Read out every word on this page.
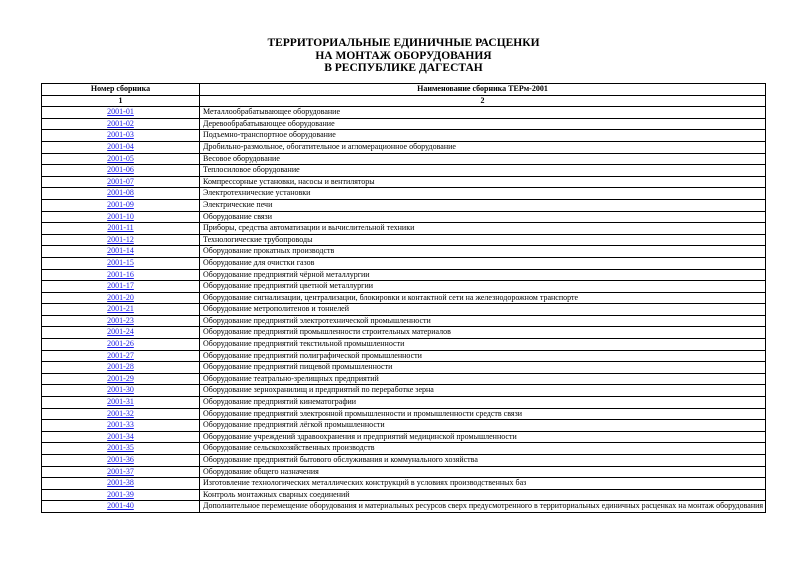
ТЕРРИТОРИАЛЬНЫЕ ЕДИНИЧНЫЕ РАСЦЕНКИ
НА МОНТАЖ ОБОРУДОВАНИЯ
В РЕСПУБЛИКЕ ДАГЕСТАН
Номер сборника	Наименование сборника ТЕРм-2001
1	2
2001-01	Металлообрабатывающее оборудование
2001-02	Деревообрабатывающее оборудование
2001-03	Подъемно-транспортное оборудование
2001-04	Дробильно-размольное, обогатительное и агломерационное оборудование
2001-05	Весовое оборудование
2001-06	Теплосиловое оборудование
2001-07	Компрессорные установки, насосы и вентиляторы
2001-08	Электротехнические установки
2001-09	Электрические печи
2001-10	Оборудование связи
2001-11	Приборы, средства автоматизации и вычислительной техники
2001-12	Технологические трубопроводы
2001-14	Оборудование прокатных производств
2001-15	Оборудование для очистки газов
2001-16	Оборудование предприятий чёрной металлургии
2001-17	Оборудование предприятий цветной металлургии
2001-20	Оборудование сигнализации, централизации, блокировки и контактной сети на железнодорожном транспорте
2001-21	Оборудование метрополитенов и тоннелей
2001-23	Оборудование предприятий электротехнической промышленности
2001-24	Оборудование предприятий промышленности строительных материалов
2001-26	Оборудование предприятий текстильной промышленности
2001-27	Оборудование предприятий полиграфической промышленности
2001-28	Оборудование предприятий пищевой промышленности
2001-29	Оборудование театрально-зрелищных предприятий
2001-30	Оборудование зернохранилищ и предприятий по переработке зерна
2001-31	Оборудование предприятий кинематографии
2001-32	Оборудование предприятий электронной промышленности и промышленности средств связи
2001-33	Оборудование предприятий лёгкой промышленности
2001-34	Оборудование учреждений здравоохранения и предприятий медицинской промышленности
2001-35	Оборудование сельскохозяйственных производств
2001-36	Оборудование предприятий бытового обслуживания и коммунального хозяйства
2001-37	Оборудование общего назначения
2001-38	Изготовление технологических металлических конструкций в условиях производственных баз
2001-39	Контроль монтажных сварных соединений
2001-40	Дополнительное перемещение оборудования и материальных ресурсов сверх предусмотренного в территориальных единичных расценках на монтаж оборудования
